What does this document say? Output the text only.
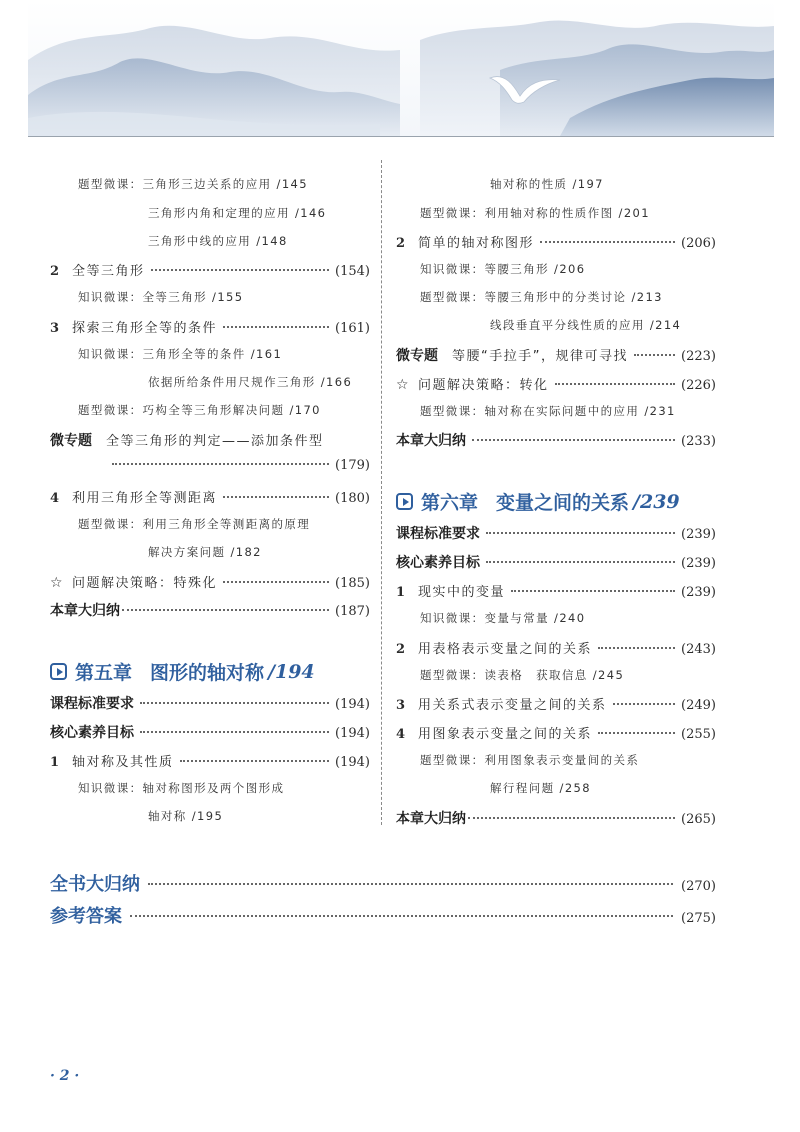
题型微课：三角形三边关系的应用 /145
三角形内角和定理的应用 /146
三角形中线的应用 /148
2 全等三角形	(154)
知识微课：全等三角形 /155
3 探索三角形全等的条件	(161)
知识微课：三角形全等的条件 /161
依据所给条件用尺规作三角形 /166
题型微课：巧构全等三角形解决问题 /170
微专题 全等三角形的判定——添加条件型
(179)
4 利用三角形全等测距离	(180)
题型微课：利用三角形全等测距离的原理
解决方案问题 /182
☆ 问题解决策略：特殊化	(185)
本章大归纳	(187)
第五章 图形的轴对称 /194
课程标准要求	(194)
核心素养目标	(194)
1 轴对称及其性质	(194)
知识微课：轴对称图形及两个图形成
轴对称 /195
轴对称的性质 /197
题型微课：利用轴对称的性质作图 /201
2 简单的轴对称图形	(206)
知识微课：等腰三角形 /206
题型微课：等腰三角形中的分类讨论 /213
线段垂直平分线性质的应用 /214
微专题 等腰“手拉手”，规律可寻找	(223)
☆ 问题解决策略：转化	(226)
题型微课：轴对称在实际问题中的应用 /231
本章大归纳	(233)
第六章 变量之间的关系 /239
课程标准要求	(239)
核心素养目标	(239)
1 现实中的变量	(239)
知识微课：变量与常量 /240
2 用表格表示变量之间的关系	(243)
题型微课：读表格　获取信息 /245
3 用关系式表示变量之间的关系	(249)
4 用图象表示变量之间的关系	(255)
题型微课：利用图象表示变量间的关系
解行程问题 /258
本章大归纳	(265)
全书大归纳	(270)
参考答案	(275)
· 2 ·
